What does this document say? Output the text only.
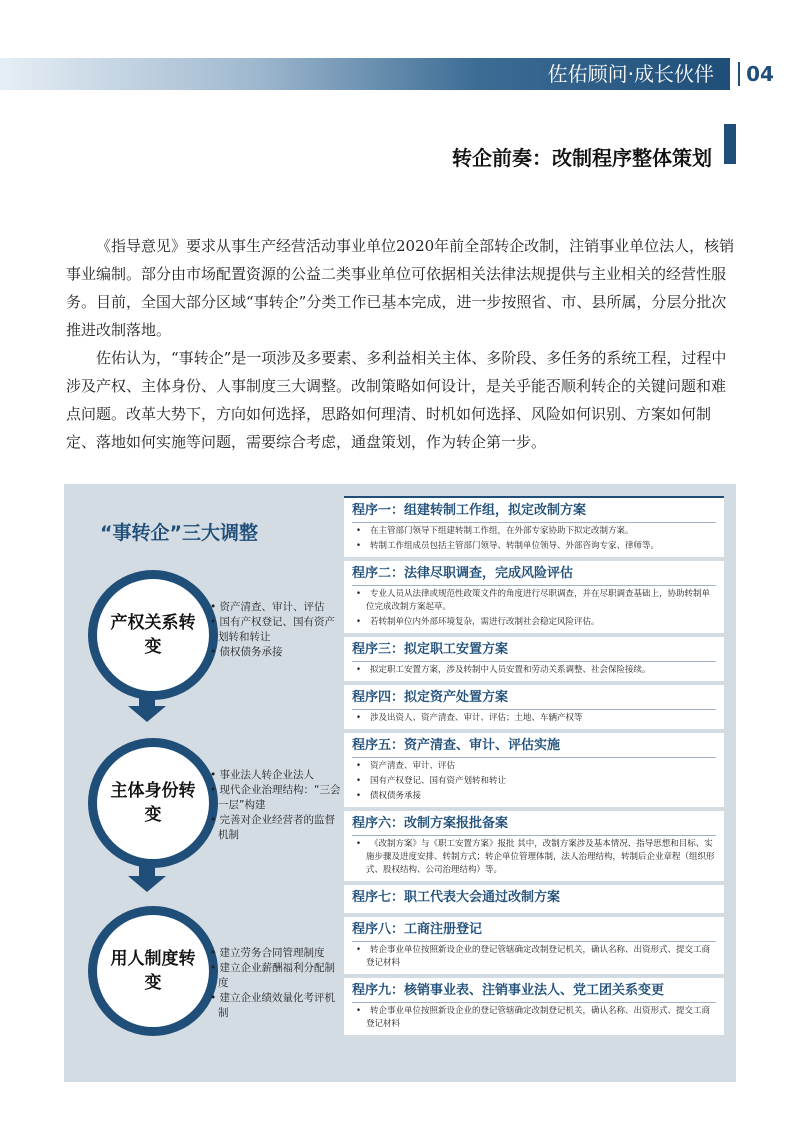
佐佑顾问·成长伙伴	04
转企前奏：改制程序整体策划
《指导意见》要求从事生产经营活动事业单位2020年前全部转企改制，注销事业单位法人，核销事业编制。部分由市场配置资源的公益二类事业单位可依据相关法律法规提供与主业相关的经营性服务。目前，全国大部分区域“事转企”分类工作已基本完成，进一步按照省、市、县所属，分层分批次推进改制落地。
佐佑认为，“事转企”是一项涉及多要素、多利益相关主体、多阶段、多任务的系统工程，过程中涉及产权、主体身份、人事制度三大调整。改制策略如何设计，是关乎能否顺利转企的关键问题和难点问题。改革大势下，方向如何选择，思路如何理清、时机如何选择、风险如何识别、方案如何制定、落地如何实施等问题，需要综合考虑，通盘策划，作为转企第一步。
“事转企”三大调整
产权关系转变
• 资产清查、审计、评估
• 国有产权登记、国有资产划转和转让
• 债权债务承接
主体身份转变
• 事业法人转企业法人
• 现代企业治理结构：“三会一层”构建
• 完善对企业经营者的监督机制
用人制度转变
• 建立劳务合同管理制度
• 建立企业薪酬福利分配制度
• 建立企业绩效量化考评机制
程序一：组建转制工作组，拟定改制方案
• 在主管部门领导下组建转制工作组，在外部专家协助下拟定改制方案。
• 转制工作组成员包括主管部门领导、转制单位领导、外部咨询专家、律师等。
程序二：法律尽职调查，完成风险评估
• 专业人员从法律或规范性政策文件的角度进行尽职调查，并在尽职调查基础上，协助转制单位完成改制方案起草。
• 若转制单位内外部环境复杂，需进行改制社会稳定风险评估。
程序三：拟定职工安置方案
• 拟定职工安置方案，涉及转制中人员安置和劳动关系调整、社会保险接续。
程序四：拟定资产处置方案
• 涉及出资人、资产清查、审计、评估；土地、车辆产权等
程序五：资产清查、审计、评估实施
• 资产清查、审计、评估
• 国有产权登记、国有资产划转和转让
• 债权债务承接
程序六：改制方案报批备案
• 《改制方案》与《职工安置方案》报批 其中，改制方案涉及基本情况、指导思想和目标、实施步骤及进度安排、转制方式；转企单位管理体制，法人治理结构，转制后企业章程（组织形式、股权结构、公司治理结构）等。
程序七：职工代表大会通过改制方案
程序八：工商注册登记
• 转企事业单位按照新设企业的登记管辖确定改制登记机关，确认名称、出资形式、提交工商登记材料
程序九：核销事业表、注销事业法人、党工团关系变更
• 转企事业单位按照新设企业的登记管辖确定改制登记机关，确认名称、出资形式、提交工商登记材料
